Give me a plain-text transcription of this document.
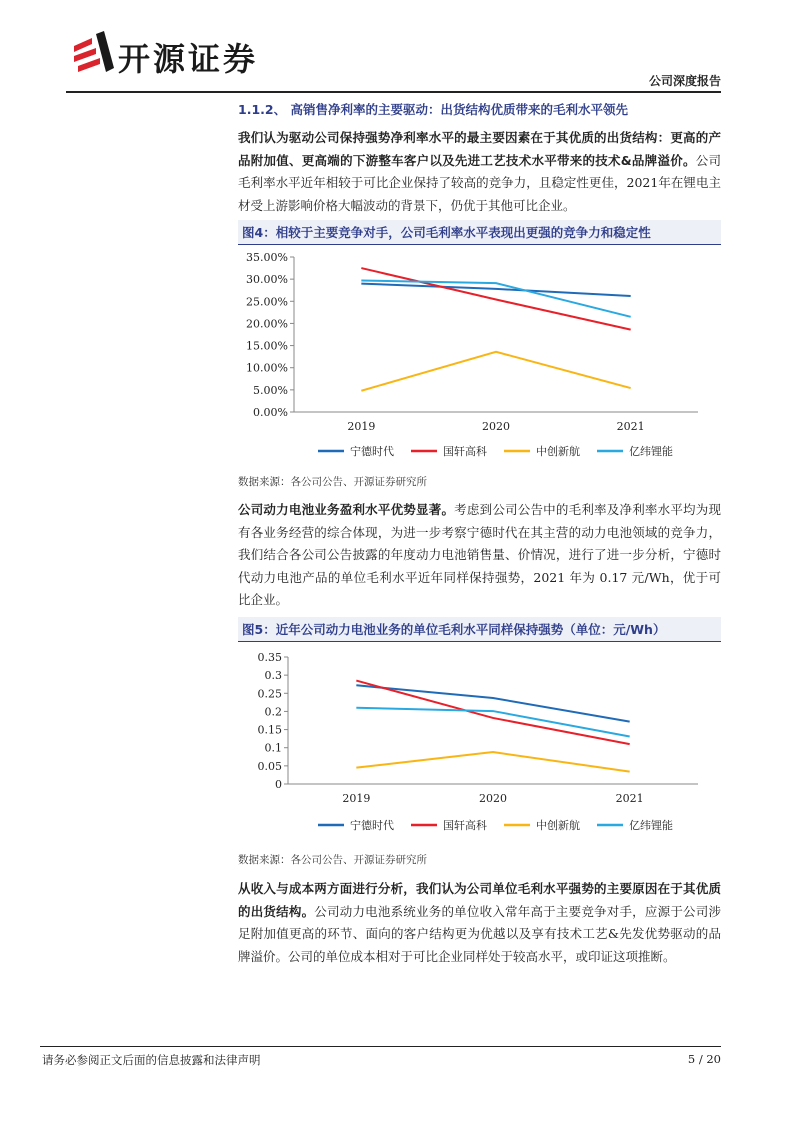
开源证券
公司深度报告
1.1.2、 高销售净利率的主要驱动：出货结构优质带来的毛利水平领先
我们认为驱动公司保持强势净利率水平的最主要因素在于其优质的出货结构：更高的产品附加值、更高端的下游整车客户以及先进工艺技术水平带来的技术&品牌溢价。公司毛利率水平近年相较于可比企业保持了较高的竞争力，且稳定性更佳，2021年在锂电主材受上游影响价格大幅波动的背景下，仍优于其他可比企业。
图4：相较于主要竞争对手，公司毛利率水平表现出更强的竞争力和稳定性
0.00%
5.00%
10.00%
15.00%
20.00%
25.00%
30.00%
35.00%
2019	2020	2021
宁德时代	国轩高科	中创新航	亿纬锂能
数据来源：各公司公告、开源证券研究所
公司动力电池业务盈利水平优势显著。考虑到公司公告中的毛利率及净利率水平均为现有各业务经营的综合体现，为进一步考察宁德时代在其主营的动力电池领域的竞争力，我们结合各公司公告披露的年度动力电池销售量、价情况，进行了进一步分析，宁德时代动力电池产品的单位毛利水平近年同样保持强势，2021 年为 0.17 元/Wh，优于可比企业。
图5：近年公司动力电池业务的单位毛利水平同样保持强势（单位：元/Wh）
0
0.05
0.1
0.15
0.2
0.25
0.3
0.35
2019	2020	2021
宁德时代	国轩高科	中创新航	亿纬锂能
数据来源：各公司公告、开源证券研究所
从收入与成本两方面进行分析，我们认为公司单位毛利水平强势的主要原因在于其优质的出货结构。公司动力电池系统业务的单位收入常年高于主要竞争对手，应源于公司涉足附加值更高的环节、面向的客户结构更为优越以及享有技术工艺&先发优势驱动的品牌溢价。公司的单位成本相对于可比企业同样处于较高水平，或印证这项推断。
请务必参阅正文后面的信息披露和法律声明	5 / 20
